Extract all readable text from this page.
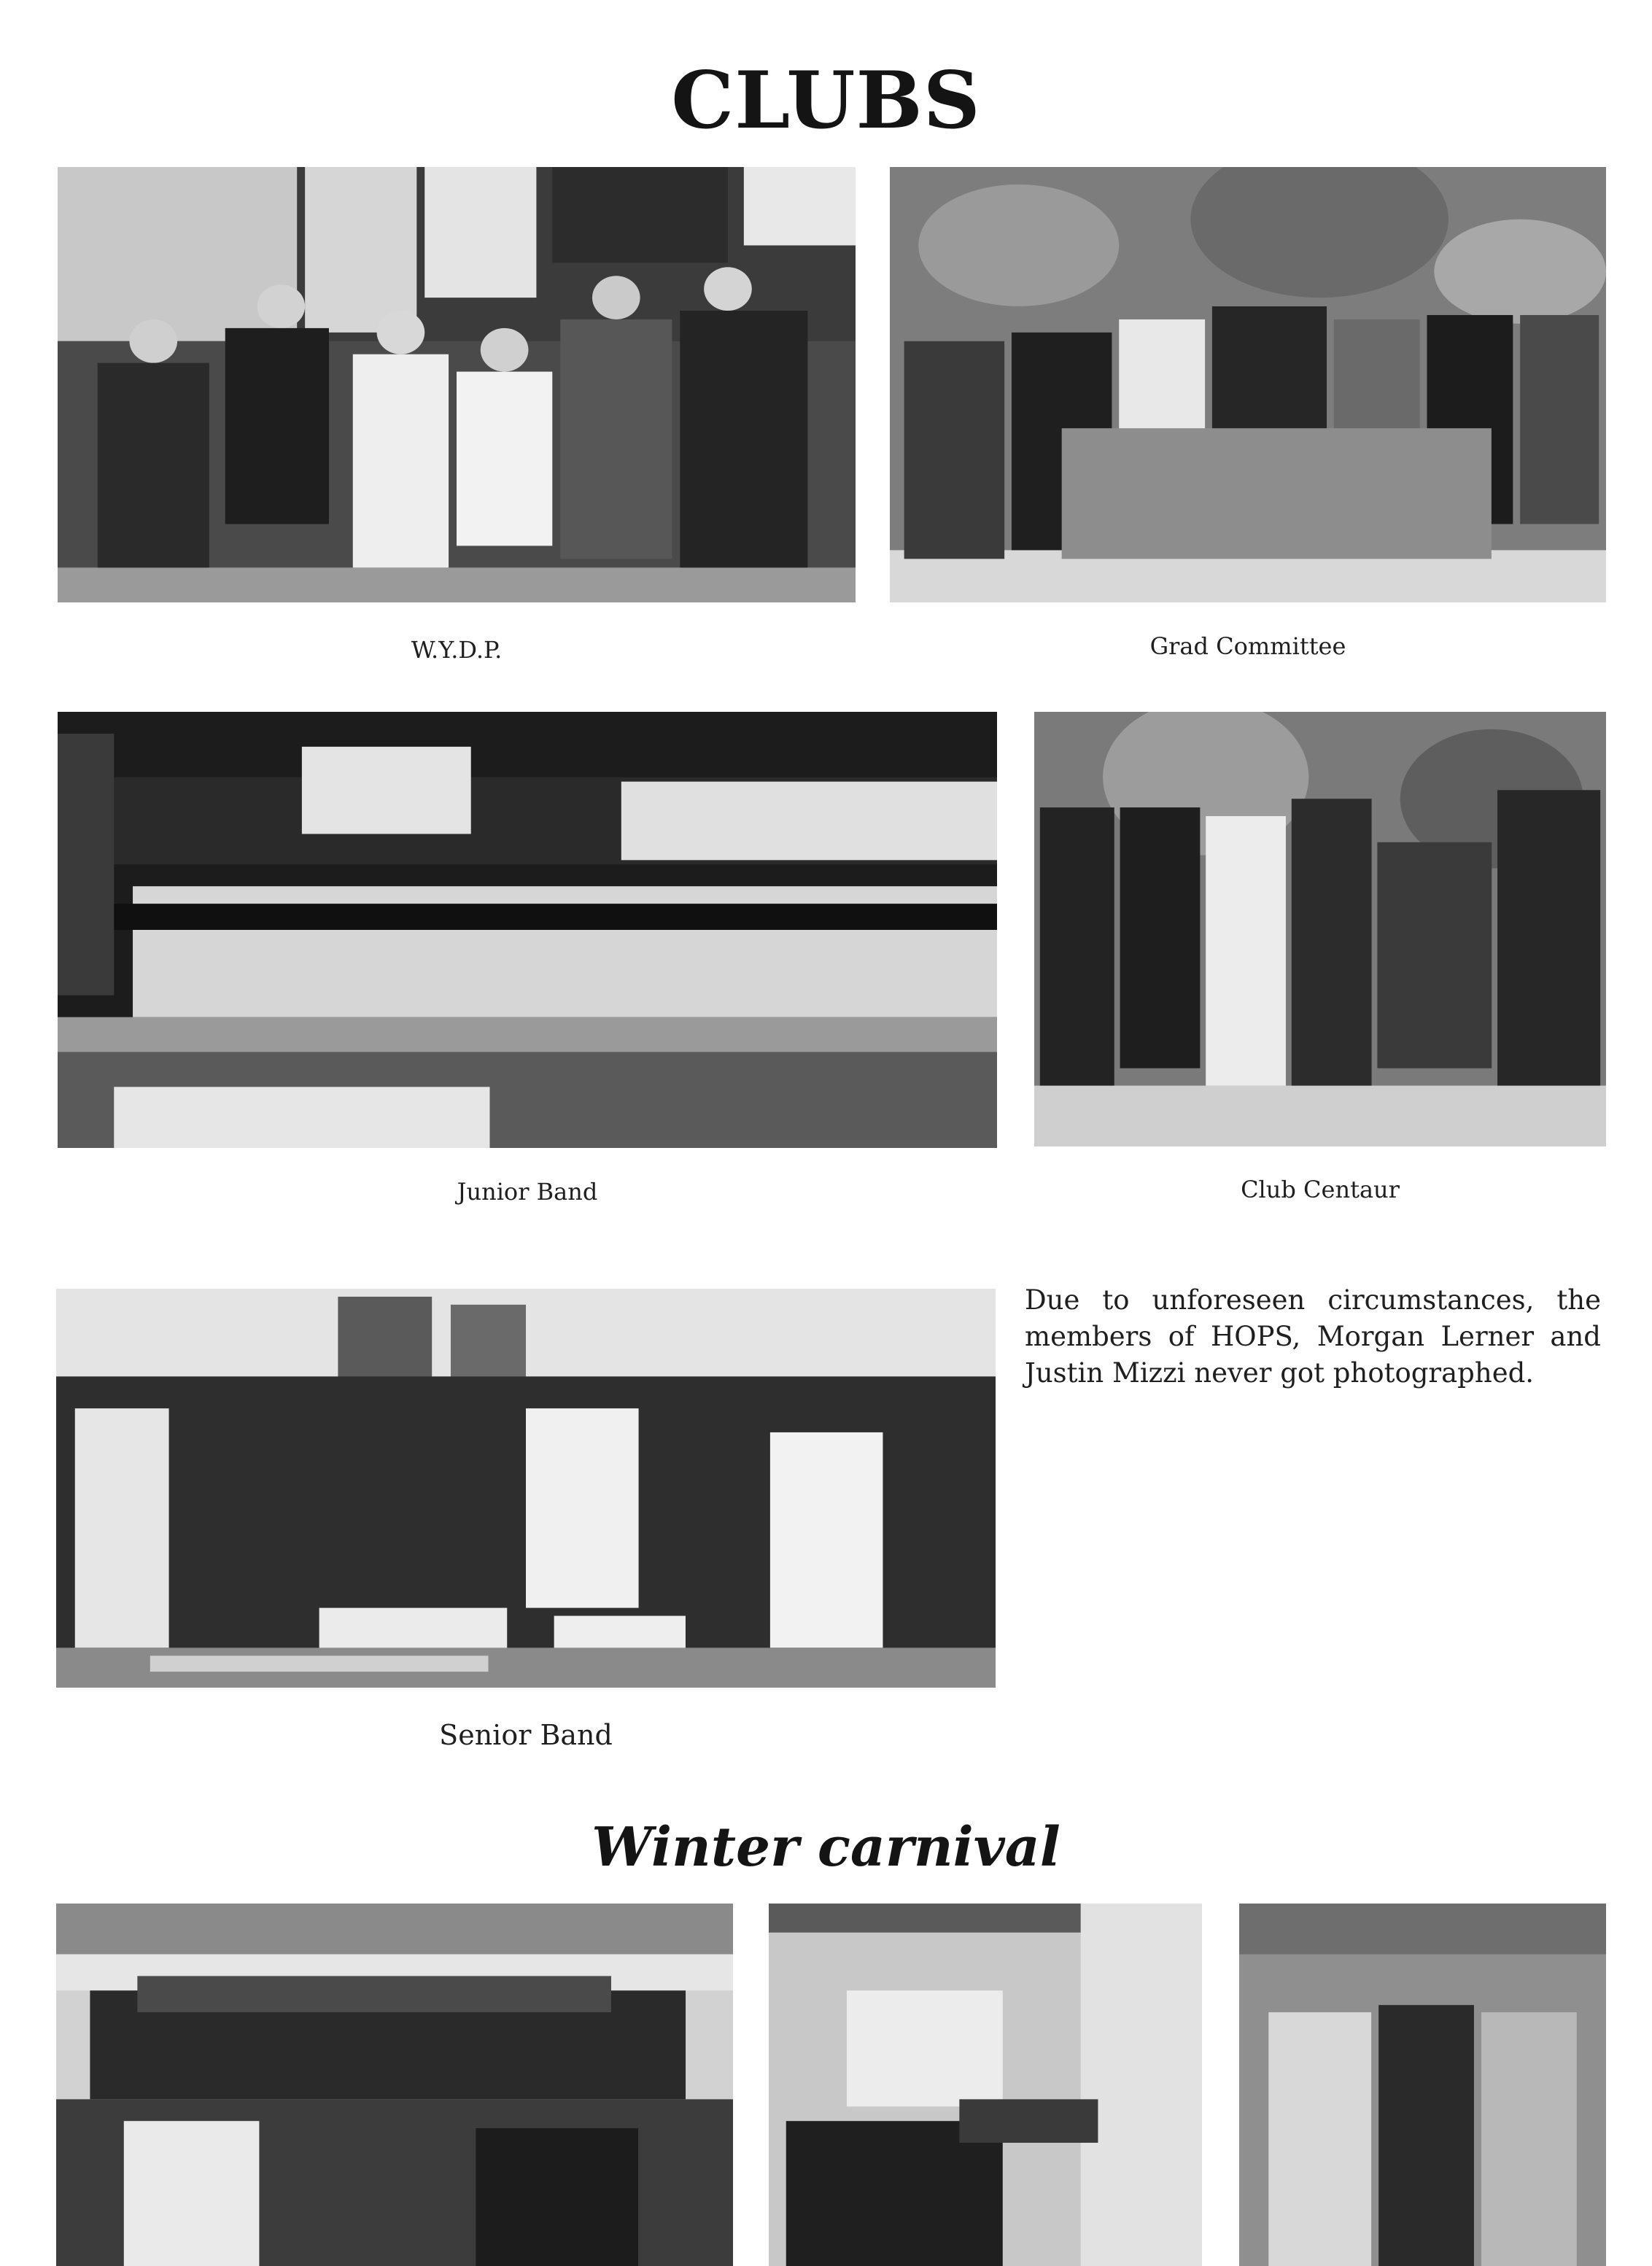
CLUBS
Winter carnival
W.Y.D.P.	Grad Committee
Junior Band	Club Centaur
Senior Band
Due to unforeseen circumstances, the members of HOPS, Morgan Lerner and Justin Mizzi never got photographed.
